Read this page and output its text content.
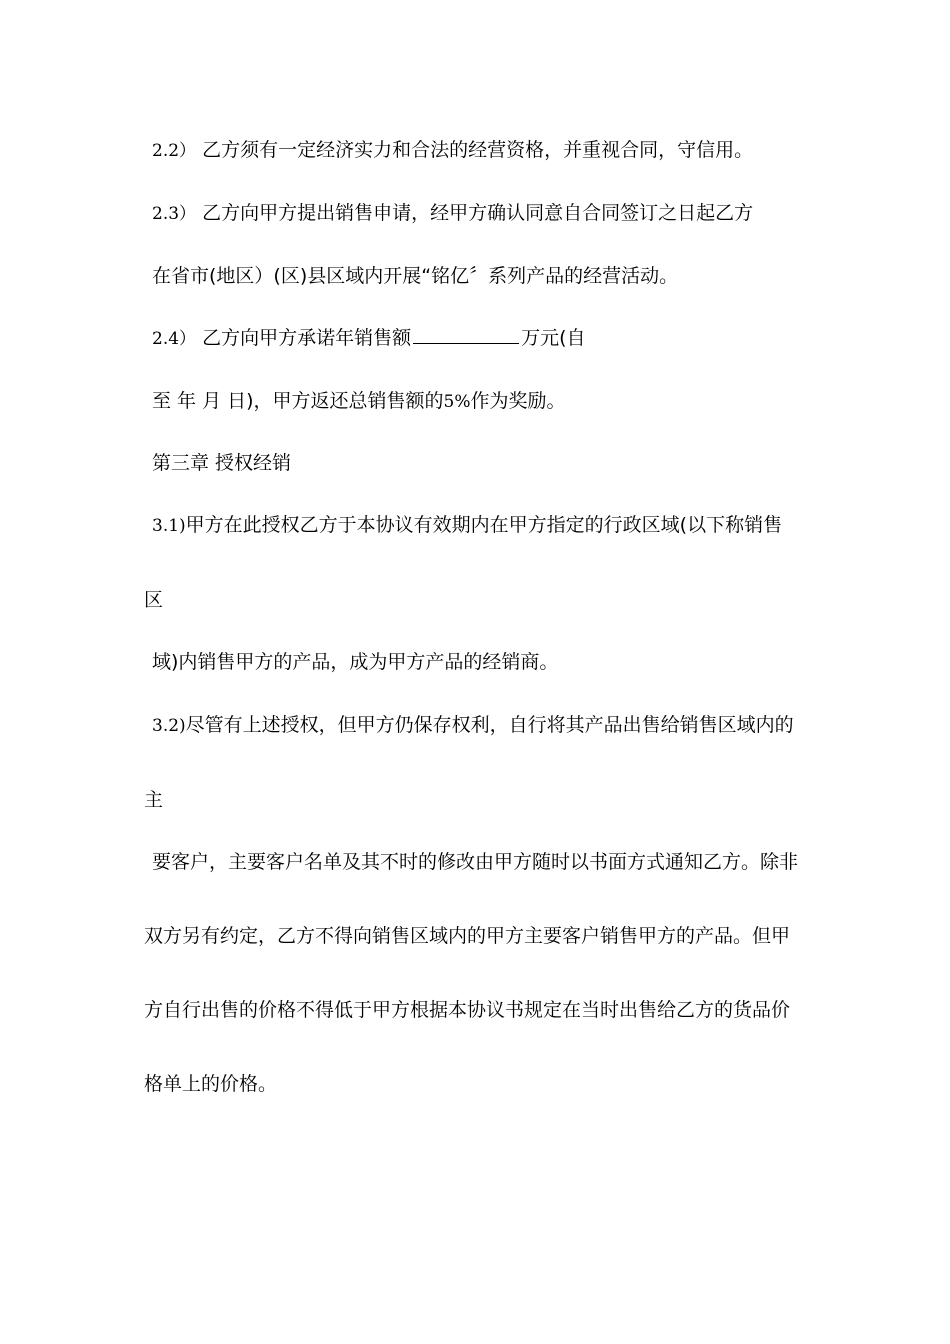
2.2） 乙方须有一定经济实力和合法的经营资格，并重视合同，守信用。
2.3） 乙方向甲方提出销售申请，经甲方确认同意自合同签订之日起乙方
在省市(地区）(区)县区域内开展“铭亿〞系列产品的经营活动。
2.4） 乙方向甲方承诺年销售额	万元(自
至 年 月 日)，甲方返还总销售额的5%作为奖励。
第三章 授权经销
3.1)甲方在此授权乙方于本协议有效期内在甲方指定的行政区域(以下称销售
区
域)内销售甲方的产品，成为甲方产品的经销商。
3.2)尽管有上述授权，但甲方仍保存权利，自行将其产品出售给销售区域内的
主
要客户，主要客户名单及其不时的修改由甲方随时以书面方式通知乙方。除非
双方另有约定，乙方不得向销售区域内的甲方主要客户销售甲方的产品。但甲
方自行出售的价格不得低于甲方根据本协议书规定在当时出售给乙方的货品价
格单上的价格。
